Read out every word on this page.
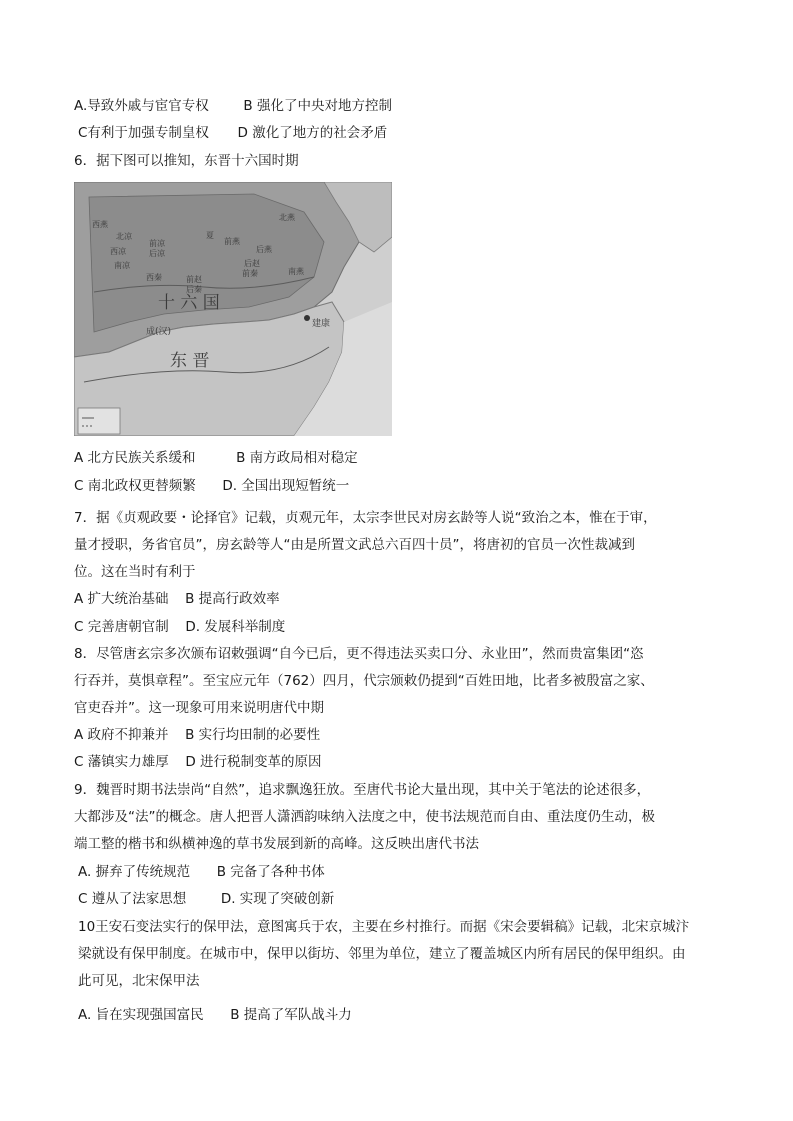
A.导致外戚与宦官专权	B 强化了中央对地方控制
C有利于加强专制皇权 D 激化了地方的社会矛盾
6．据下图可以推知，东晋十六国时期
西燕
北凉
前凉
后凉
西凉
南凉
西秦
北燕
前燕
后燕
后赵
前秦	南燕
前赵
后秦
夏
十 六 国
成(汉)
建康
东 晋
A 北方民族关系缓和	B 南方政局相对稳定
C 南北政权更替频繁 D. 全国出现短暂统一
7．据《贞观政要・论择官》记载，贞观元年，太宗李世民对房玄龄等人说“致治之本，惟在于审，
量才授职，务省官员”，房玄龄等人“由是所置文武总六百四十员”，将唐初的官员一次性裁减到
位。这在当时有利于
A 扩大统治基础 B 提高行政效率
C 完善唐朝官制 D. 发展科举制度
8．尽管唐玄宗多次颁布诏敕强调“自今已后，更不得违法买卖口分、永业田”，然而贵富集团“恣
行吞并，莫惧章程”。至宝应元年（762）四月，代宗颁敕仍提到“百姓田地，比者多被殷富之家、
官吏吞并”。这一现象可用来说明唐代中期
A 政府不抑兼并 B 实行均田制的必要性
C 藩镇实力雄厚 D 进行税制变革的原因
9．魏晋时期书法崇尚“自然”，追求飘逸狂放。至唐代书论大量出现，其中关于笔法的论述很多，
大都涉及“法”的概念。唐人把晋人潇洒韵味纳入法度之中，使书法规范而自由、重法度仍生动，极
端工整的楷书和纵横神逸的草书发展到新的高峰。这反映出唐代书法
A. 摒弃了传统规范 B 完备了各种书体
C 遵从了法家思想	D. 实现了突破创新
10王安石变法实行的保甲法，意图寓兵于农，主要在乡村推行。而据《宋会要辑稿》记载，北宋京城汴
梁就设有保甲制度。在城市中，保甲以街坊、邻里为单位，建立了覆盖城区内所有居民的保甲组织。由
此可见，北宋保甲法
A. 旨在实现强国富民 B 提高了军队战斗力
